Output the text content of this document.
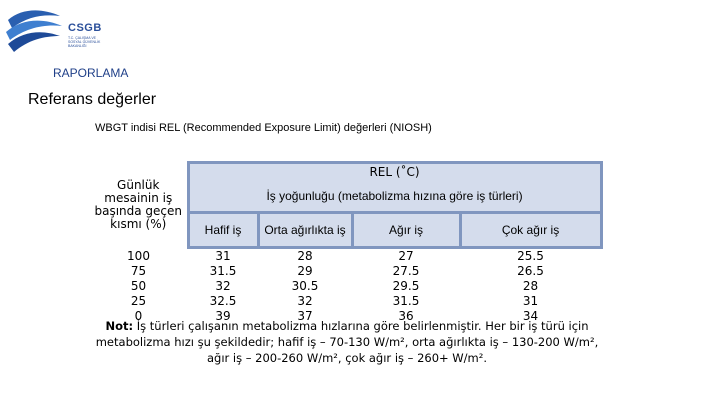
CSGB
T.C. ÇALIŞMA VE
SOSYAL GÜVENLİK
BAKANLIĞI
RAPORLAMA
Referans değerler
WBGT indisi REL (Recommended Exposure Limit) değerleri (NIOSH)
Günlük mesainin iş başında geçen kısmı (%)	REL (˚C)			
	İş yoğunluğu (metabolizma hızına göre iş türleri)			
	Hafif iş	Orta ağırlıkta iş	Ağır iş	Çok ağır iş
100	31	28	27	25.5
75	31.5	29	27.5	26.5
50	32	30.5	29.5	28
25	32.5	32	31.5	31
0	39	37	36	34
Not: İş türleri çalışanın metabolizma hızlarına göre belirlenmiştir. Her bir iş türü için metabolizma hızı şu şekildedir; hafif iş – 70-130 W/m², orta ağırlıkta iş – 130-200 W/m², ağır iş – 200-260 W/m², çok ağır iş – 260+ W/m².
